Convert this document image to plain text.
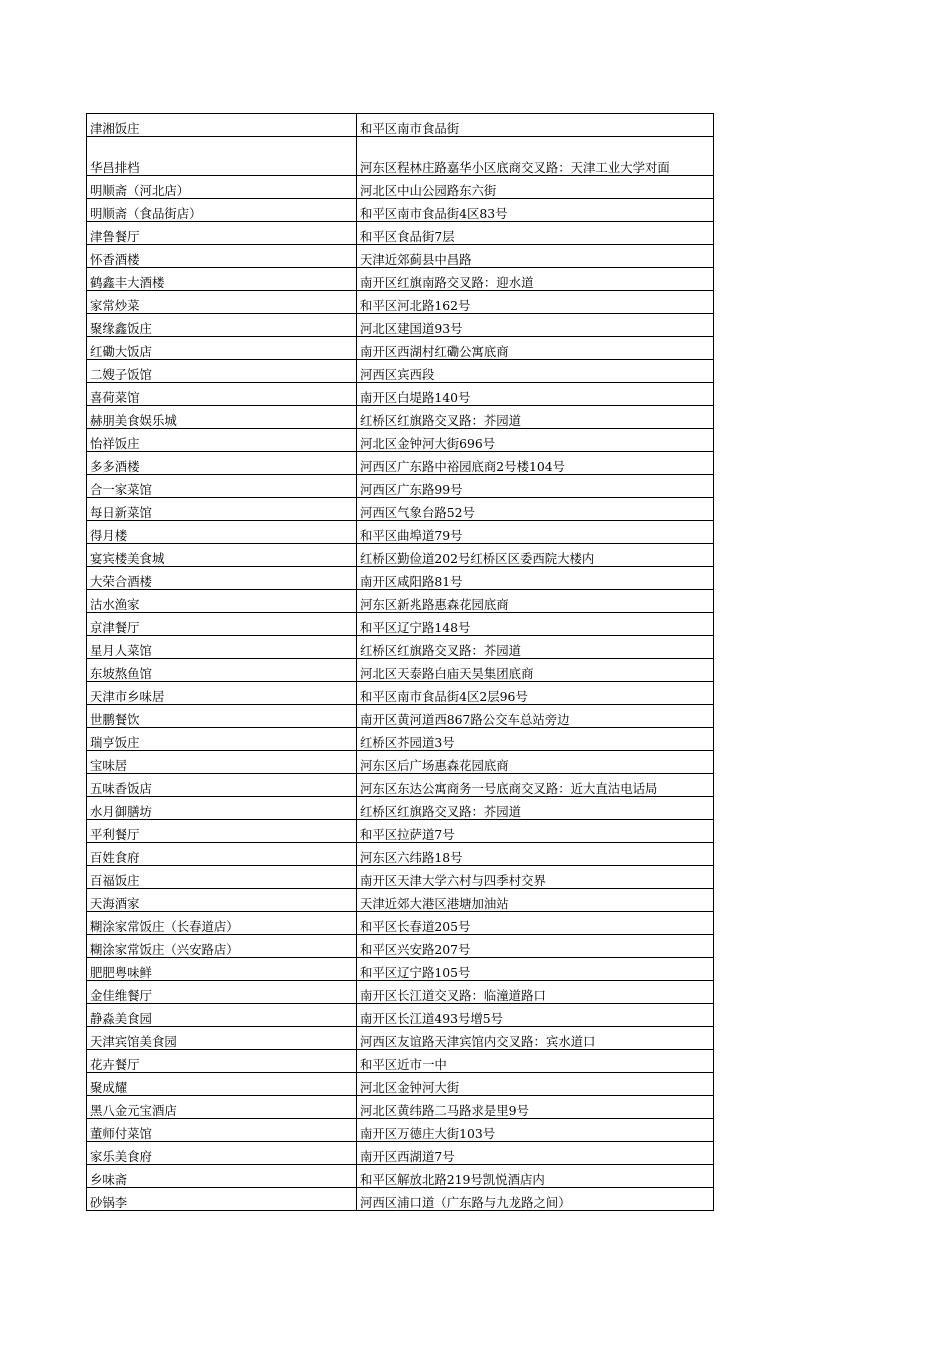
津湘饭庄	和平区南市食品街
华昌排档	河东区程林庄路嘉华小区底商交叉路：天津工业大学对面
明顺斋（河北店）	河北区中山公园路东六街
明顺斋（食品街店）	和平区南市食品街4区83号
津鲁餐厅	和平区食品街7层
怀香酒楼	天津近郊蓟县中昌路
鹤鑫丰大酒楼	南开区红旗南路交叉路：迎水道
家常炒菜	和平区河北路162号
聚缘鑫饭庄	河北区建国道93号
红磡大饭店	南开区西湖村红磡公寓底商
二嫂子饭馆	河西区宾西段
喜荷菜馆	南开区白堤路140号
赫朋美食娱乐城	红桥区红旗路交叉路：芥园道
怡祥饭庄	河北区金钟河大街696号
多多酒楼	河西区广东路中裕园底商2号楼104号
合一家菜馆	河西区广东路99号
每日新菜馆	河西区气象台路52号
得月楼	和平区曲埠道79号
宴宾楼美食城	红桥区勤俭道202号红桥区区委西院大楼内
大荣合酒楼	南开区咸阳路81号
沽水渔家	河东区新兆路惠森花园底商
京津餐厅	和平区辽宁路148号
星月人菜馆	红桥区红旗路交叉路：芥园道
东坡熬鱼馆	河北区天泰路白庙天昊集团底商
天津市乡味居	和平区南市食品街4区2层96号
世鹏餐饮	南开区黄河道西867路公交车总站旁边
瑞亨饭庄	红桥区芥园道3号
宝味居	河东区后广场惠森花园底商
五味香饭店	河东区东达公寓商务一号底商交叉路：近大直沽电话局
水月御膳坊	红桥区红旗路交叉路：芥园道
平利餐厅	和平区拉萨道7号
百姓食府	河东区六纬路18号
百福饭庄	南开区天津大学六村与四季村交界
天海酒家	天津近郊大港区港塘加油站
糊涂家常饭庄（长春道店）	和平区长春道205号
糊涂家常饭庄（兴安路店）	和平区兴安路207号
肥肥粤味鲜	和平区辽宁路105号
金佳维餐厅	南开区长江道交叉路：临潼道路口
静淼美食园	南开区长江道493号增5号
天津宾馆美食园	河西区友谊路天津宾馆内交叉路：宾水道口
花卉餐厅	和平区近市一中
聚成耀	河北区金钟河大街
黑八金元宝酒店	河北区黄纬路二马路求是里9号
董师付菜馆	南开区万德庄大街103号
家乐美食府	南开区西湖道7号
乡味斋	和平区解放北路219号凯悦酒店内
砂锅李	河西区浦口道（广东路与九龙路之间）
